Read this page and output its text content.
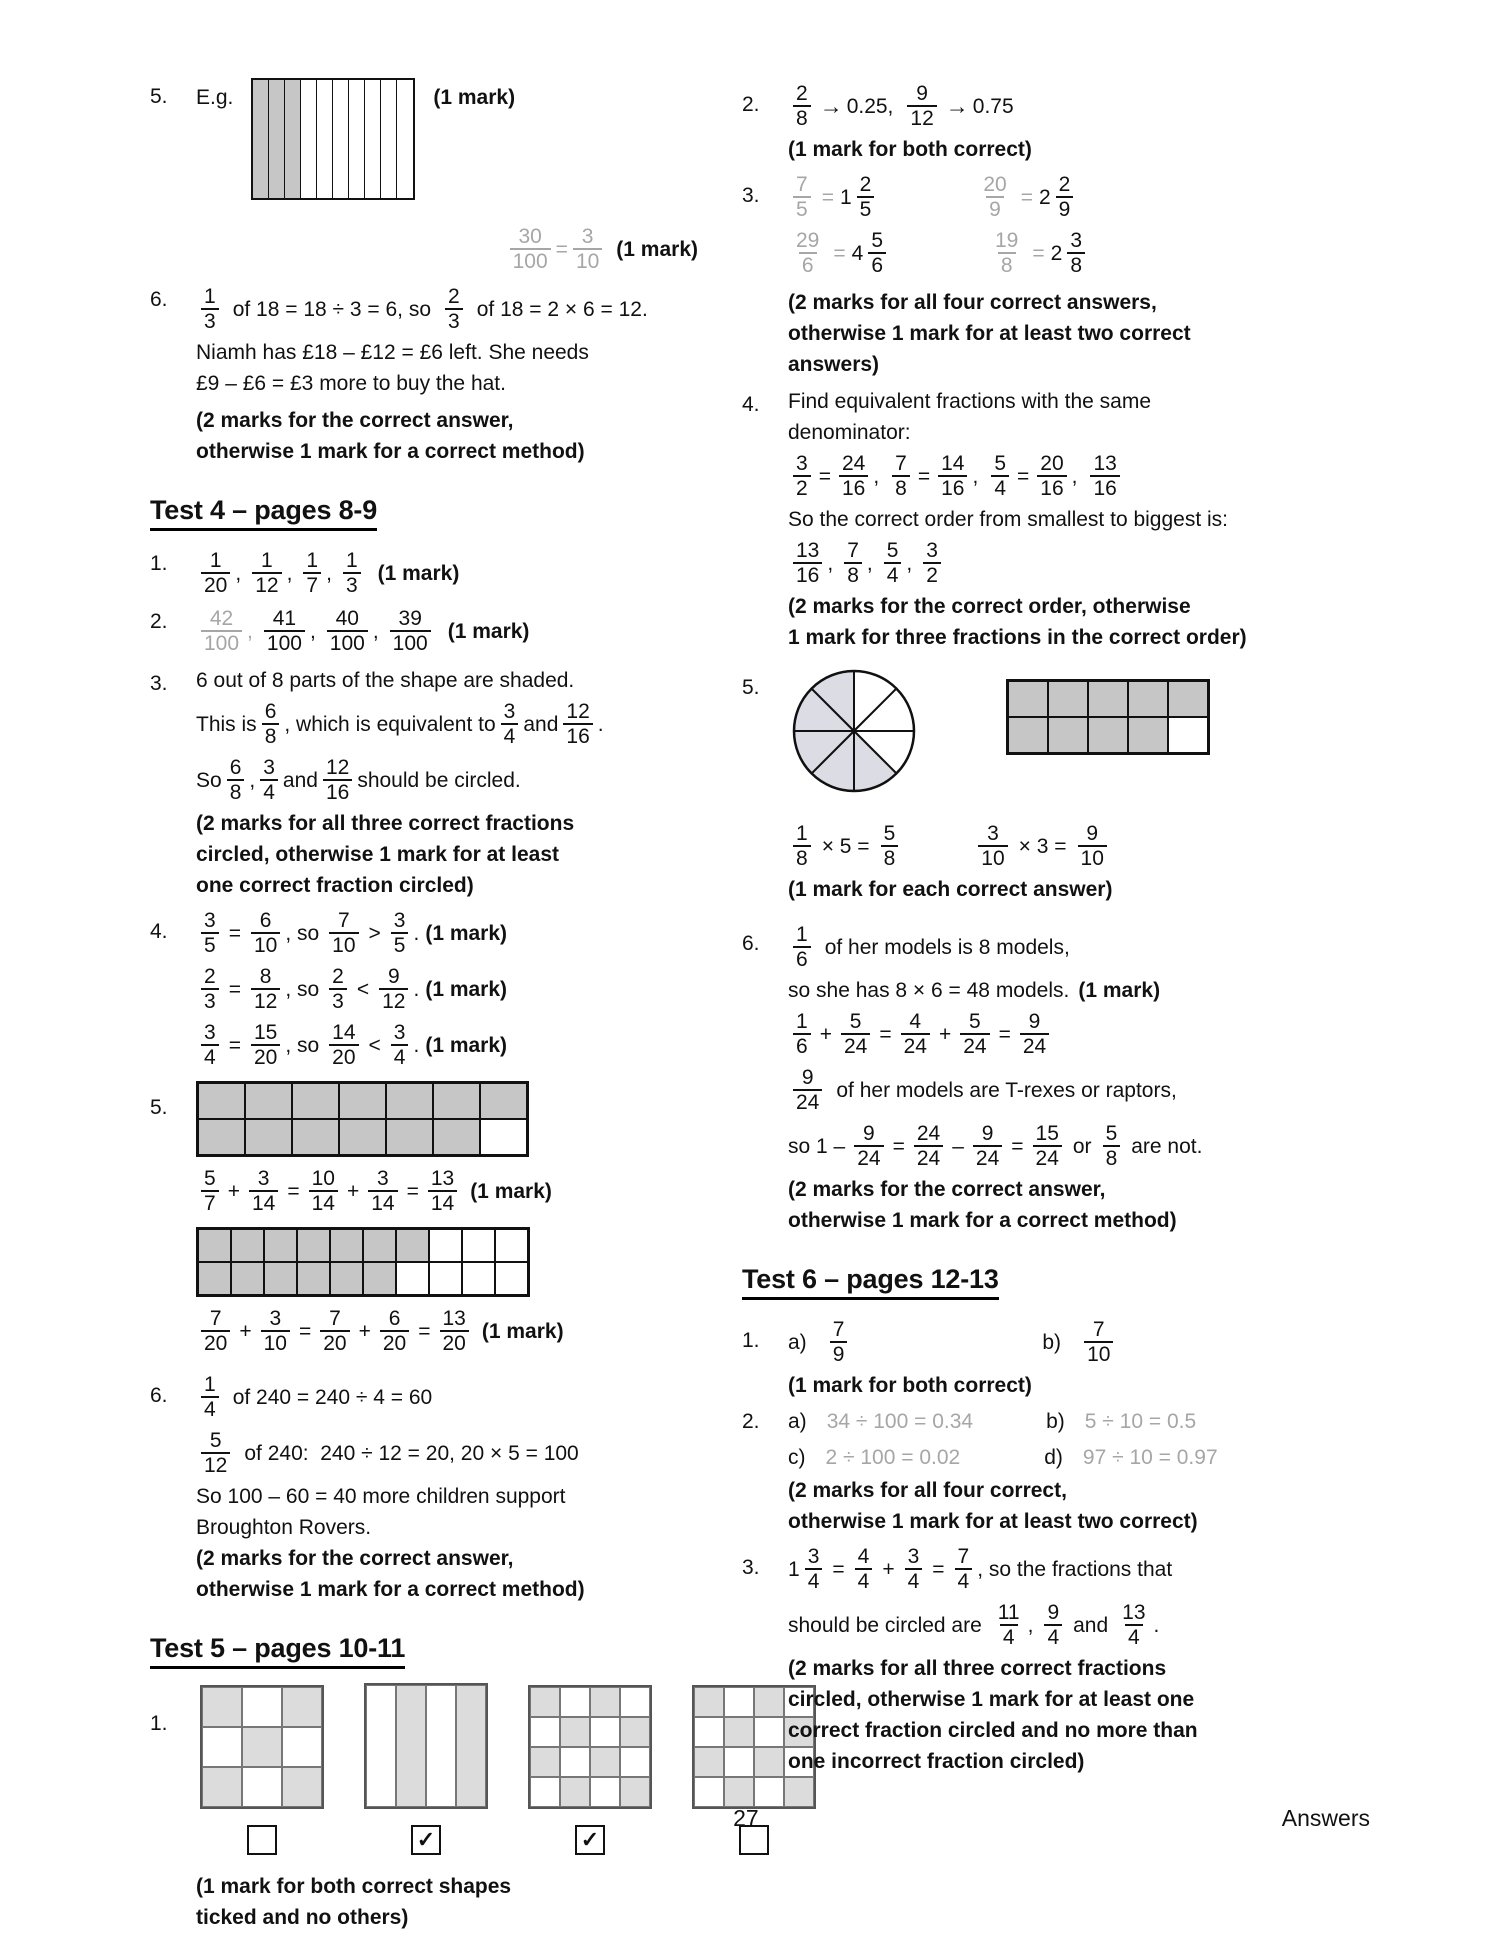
5.	E.g.	(1 mark)
$\frac{30}{100} = \frac{3}{10} (1$ mark)
6.	$\frac{1}{3}$ of 18 = 18 ÷ 3 = 6, so $\frac{2}{3}$ of 18 = 2 × 6 = 12.
Niamh has £18 – £12 = £6 left. She needs
£9 – £6 = £3 more to buy the hat.
(2 marks for the correct answer,
otherwise 1 mark for a correct method)
Test 4 – pages 8-9
1.	$\frac{1}{20}$ , $\frac{1}{12}$ , $\frac{1}{7}$ , $\frac{1}{3} (1$ mark)
2.	$\frac{42}{100}$ , $\frac{41}{100}$ , $\frac{40}{100}$ , $\frac{39}{100} (1$ mark)
3.	6 out of 8 parts of the shape are shaded.
This is $\frac{6}{8}$ , which is equivalent to $\frac{3}{4}$ and $\frac{12}{16}$ .
So $\frac{6}{8}$ , $\frac{3}{4}$ and $\frac{12}{16}$ should be circled.
(2 marks for all three correct fractions
circled, otherwise 1 mark for at least
one correct fraction circled)
4.	$\frac{3}{5} = \frac{6}{10}$ , so $\frac{7}{10} > \frac{3}{5}$ . (1 mark)
$\frac{2}{3} = \frac{8}{12}$ , so $\frac{2}{3} < \frac{9}{12}$ . (1 mark)
$\frac{3}{4} = \frac{15}{20}$ , so $\frac{14}{20} < \frac{3}{4}$ . (1 mark)
5.
$\frac{5}{7} + \frac{3}{14} = \frac{10}{14} + \frac{3}{14} = \frac{13}{14} (1$ mark)
$\frac{7}{20} + \frac{3}{10} = \frac{7}{20} + \frac{6}{20} = \frac{13}{20} (1$ mark)
6.	$\frac{1}{4}$ of 240 = 240 ÷ 4 = 60
$\frac{5}{12}$ of 240:  240 ÷ 12 = 20, 20 × 5 = 100
So 100 – 60 = 40 more children support
Broughton Rovers.
(2 marks for the correct answer,
otherwise 1 mark for a correct method)
Test 5 – pages 10-11
1.
✓	✓
(1 mark for both correct shapes
ticked and no others)
2.	$\frac{2}{8} \to 0.25$, $\frac{9}{12} \to 0.75$
(1 mark for both correct)
3.	$\frac{7}{5} = 1 \frac{2}{5}$	$\frac{20}{9} = 2 \frac{2}{9}$
$\frac{29}{6} = 4 \frac{5}{6}$	$\frac{19}{8} = 2 \frac{3}{8}$
(2 marks for all four correct answers,
otherwise 1 mark for at least two correct
answers)
4.	Find equivalent fractions with the same
denominator:
$\frac{3}{2} = \frac{24}{16}$ , $\frac{7}{8} = \frac{14}{16}$ , $\frac{5}{4} = \frac{20}{16}$ , $\frac{13}{16}$
So the correct order from smallest to biggest is:
$\frac{13}{16}$ , $\frac{7}{8}$ , $\frac{5}{4}$ , $\frac{3}{2}$
(2 marks for the correct order, otherwise
1 mark for three fractions in the correct order)
5.
$\frac{1}{8} \times 5 = \frac{5}{8}$	$\frac{3}{10} \times 3 = \frac{9}{10}$
(1 mark for each correct answer)
6.	$\frac{1}{6}$ of her models is 8 models,
so she has 8 × 6 = 48 models. (1 mark)
$\frac{1}{6} + \frac{5}{24} = \frac{4}{24} + \frac{5}{24} = \frac{9}{24}$
$\frac{9}{24}$ of her models are T-rexes or raptors,
so $1 - \frac{9}{24} = \frac{24}{24} - \frac{9}{24} = \frac{15}{24}$ or $\frac{5}{8}$ are not.
(2 marks for the correct answer,
otherwise 1 mark for a correct method)
Test 6 – pages 12-13
1.	$a) \frac{7}{9}$	$b) \frac{7}{10}$
(1 mark for both correct)
2.	a) 34 ÷ 100 = 0.34	b) 5 ÷ 10 = 0.5
c) 2 ÷ 100 = 0.02	d) 97 ÷ 10 = 0.97
(2 marks for all four correct,
otherwise 1 mark for at least two correct)
3.	$1 \frac{3}{4} = \frac{4}{4} + \frac{3}{4} = \frac{7}{4}$ , so the fractions that
should be circled are $\frac{11}{4}$ , $\frac{9}{4}$ and $\frac{13}{4}$ .
(2 marks for all three correct fractions
circled, otherwise 1 mark for at least one
correct fraction circled and no more than
one incorrect fraction circled)
27	Answers
